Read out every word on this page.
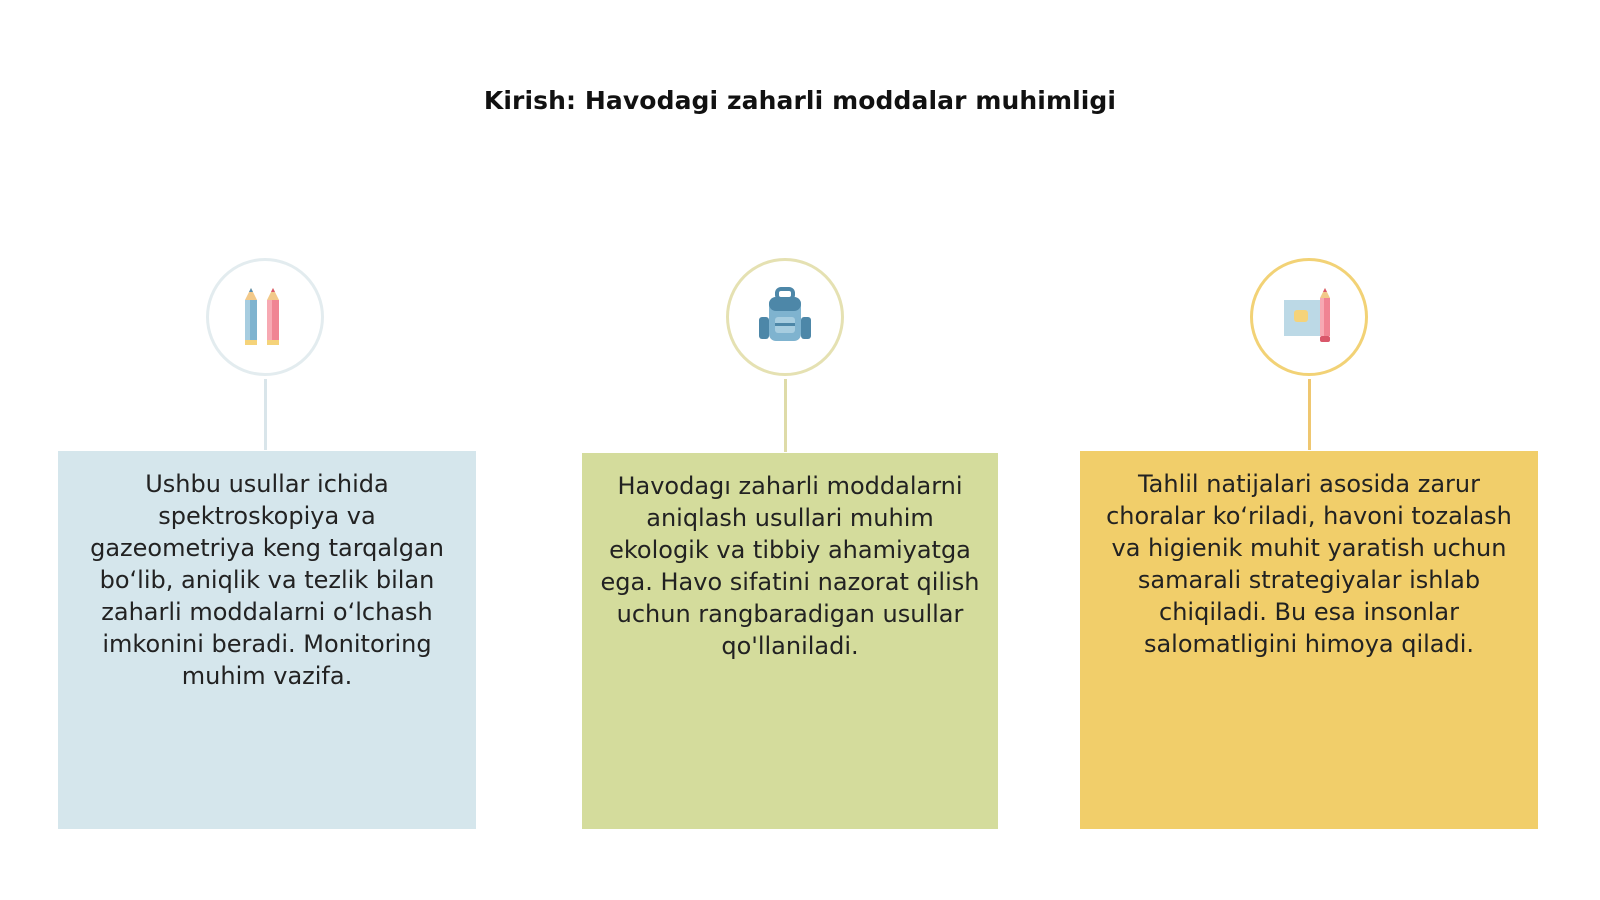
Kirish: Havodagi zaharli moddalar muhimligi
Ushbu usullar ichida spektroskopiya va gazeometriya keng tarqalgan bo‘lib, aniqlik va tezlik bilan zaharli moddalarni o‘lchash imkonini beradi. Monitoring muhim vazifa.
Havodagı zaharli moddalarni aniqlash usullari muhim ekologik va tibbiy ahamiyatga ega. Havo sifatini nazorat qilish uchun rangbaradigan usullar qo'llaniladi.
Tahlil natijalari asosida zarur choralar ko‘riladi, havoni tozalash va higienik muhit yaratish uchun samarali strategiyalar ishlab chiqiladi. Bu esa insonlar salomatligini himoya qiladi.
